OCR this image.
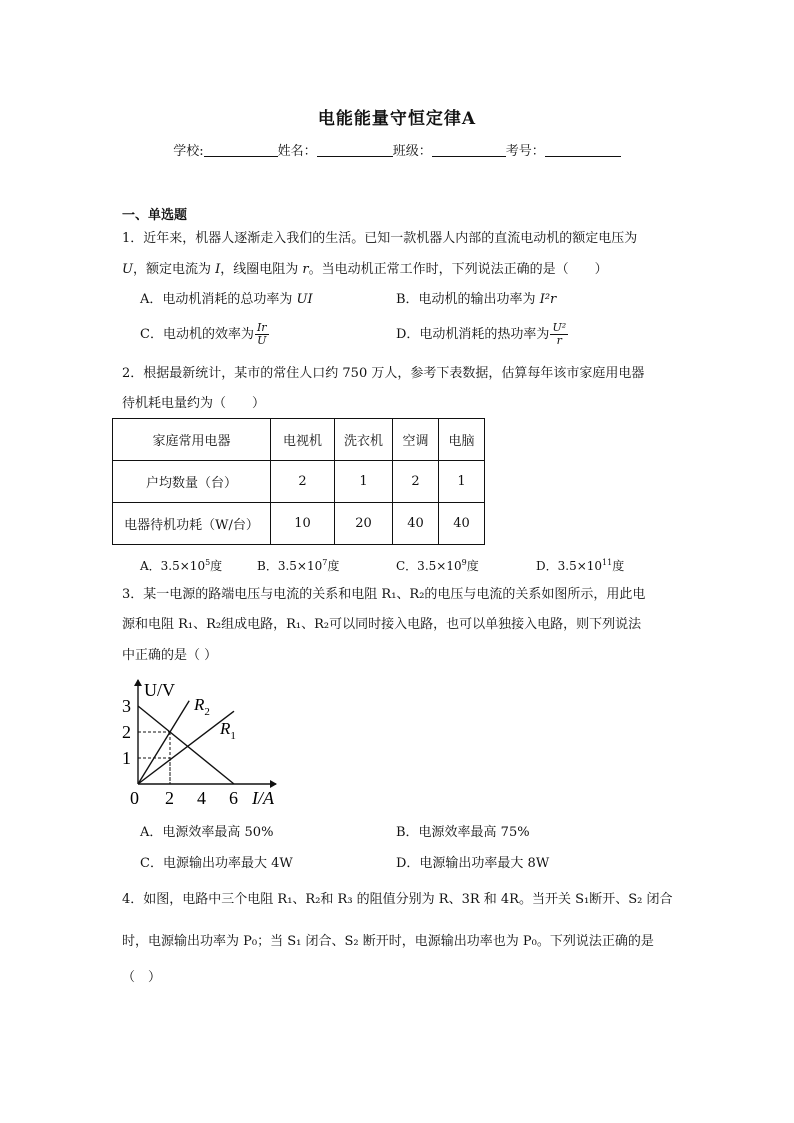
电能能量守恒定律A
学校:	姓名：	班级：	考号：
一、单选题
1．近年来，机器人逐渐走入我们的生活。已知一款机器人内部的直流电动机的额定电压为
U，额定电流为 I，线圈电阻为 r。当电动机正常工作时，下列说法正确的是（　　）
A．电动机消耗的总功率为 UI	B．电动机的输出功率为 I²r
C．电动机的效率为 $\frac{Ir}{U}$	D．电动机消耗的热功率为 $\frac{\text{U²}}{r}$
2．根据最新统计，某市的常住人口约 750 万人，参考下表数据，估算每年该市家庭用电器
待机耗电量约为（　　）
家庭常用电器	电视机	洗衣机	空调	电脑
户均数量（台）	2	1	2	1
电器待机功耗（W/台）	10	20	40	40
A．$3.5\times 10^5$度	B．$3.5\times 10^7$度	C．$3.5\times 10^9$度	D．$3.5\times 10^{11}$度
3．某一电源的路端电压与电流的关系和电阻 R₁、R₂的电压与电流的关系如图所示，用此电
源和电阻 R₁、R₂组成电路，R₁、R₂可以同时接入电路，也可以单独接入电路，则下列说法
中正确的是（ ）
0 2 4 6
1
2
3
U/V
I/A
$R_2$
$R_1$
A．电源效率最高 50%	B．电源效率最高 75%
C．电源输出功率最大 4W	D．电源输出功率最大 8W
4．如图，电路中三个电阻 R₁、R₂和 R₃ 的阻值分别为 R、3R 和 4R。当开关 S₁断开、S₂ 闭合
时，电源输出功率为 P₀；当 S₁ 闭合、S₂ 断开时，电源输出功率也为 P₀。下列说法正确的是
（　）
